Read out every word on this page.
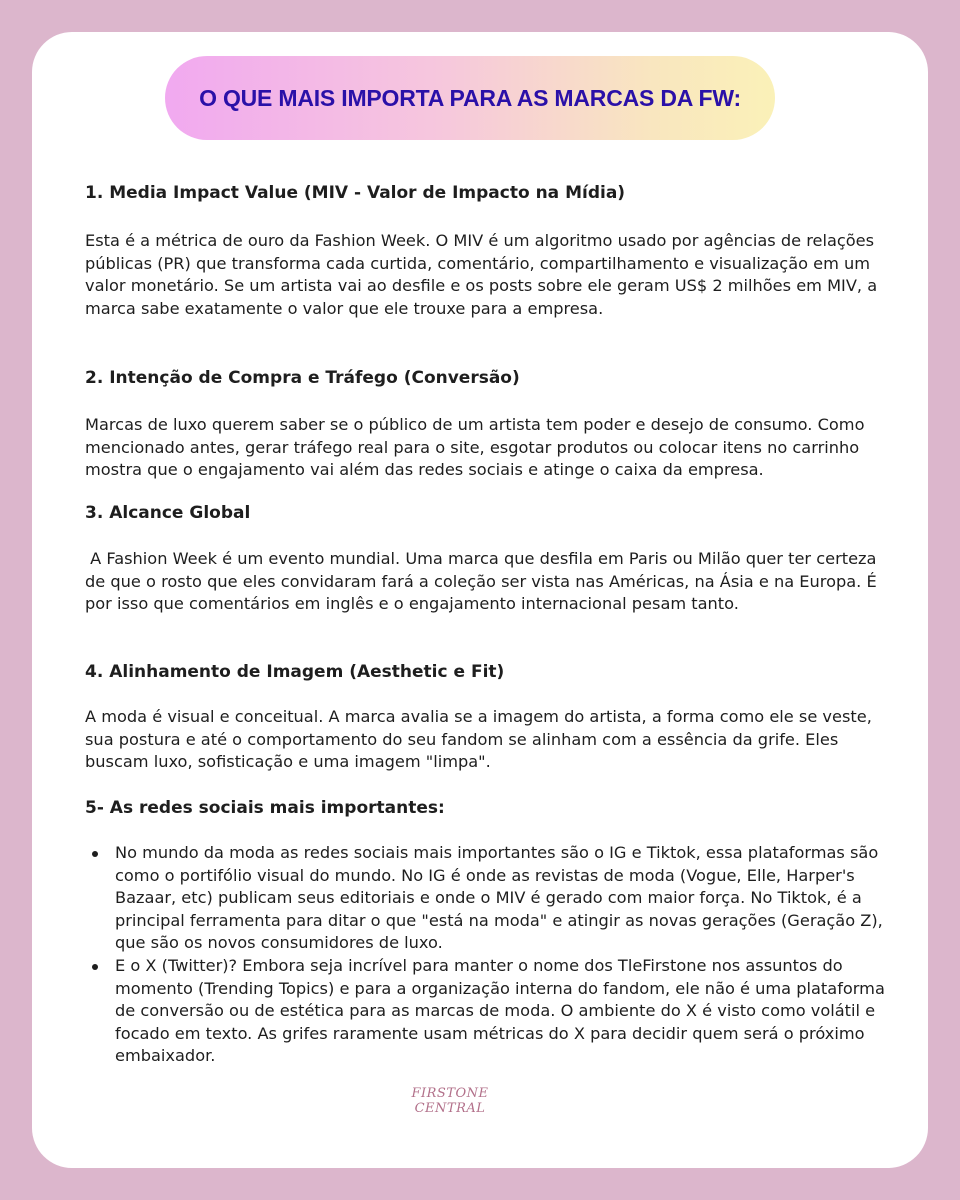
O QUE MAIS IMPORTA PARA AS MARCAS DA FW:
1. Media Impact Value (MIV - Valor de Impacto na Mídia)

Esta é a métrica de ouro da Fashion Week. O MIV é um algoritmo usado por agências de relações públicas (PR) que transforma cada curtida, comentário, compartilhamento e visualização em um valor monetário. Se um artista vai ao desfile e os posts sobre ele geram US$ 2 milhões em MIV, a marca sabe exatamente o valor que ele trouxe para a empresa.

2. Intenção de Compra e Tráfego (Conversão)

Marcas de luxo querem saber se o público de um artista tem poder e desejo de consumo. Como mencionado antes, gerar tráfego real para o site, esgotar produtos ou colocar itens no carrinho mostra que o engajamento vai além das redes sociais e atinge o caixa da empresa.

3. Alcance Global

A Fashion Week é um evento mundial. Uma marca que desfila em Paris ou Milão quer ter certeza de que o rosto que eles convidaram fará a coleção ser vista nas Américas, na Ásia e na Europa. É por isso que comentários em inglês e o engajamento internacional pesam tanto.

4. Alinhamento de Imagem (Aesthetic e Fit)

A moda é visual e conceitual. A marca avalia se a imagem do artista, a forma como ele se veste, sua postura e até o comportamento do seu fandom se alinham com a essência da grife. Eles buscam luxo, sofisticação e uma imagem "limpa".

5- As redes sociais mais importantes:
No mundo da moda as redes sociais mais importantes são o IG e Tiktok, essa plataformas são como o portifólio visual do mundo. No IG é onde as revistas de moda (Vogue, Elle, Harper's Bazaar, etc) publicam seus editoriais e onde o MIV é gerado com maior força. No Tiktok, é a principal ferramenta para ditar o que "está na moda" e atingir as novas gerações (Geração Z), que são os novos consumidores de luxo.
E o X (Twitter)? Embora seja incrível para manter o nome dos TleFirstone nos assuntos do momento (Trending Topics) e para a organização interna do fandom, ele não é uma plataforma de conversão ou de estética para as marcas de moda. O ambiente do X é visto como volátil e focado em texto. As grifes raramente usam métricas do X para decidir quem será o próximo embaixador.
FIRSTONE
CENTRAL
